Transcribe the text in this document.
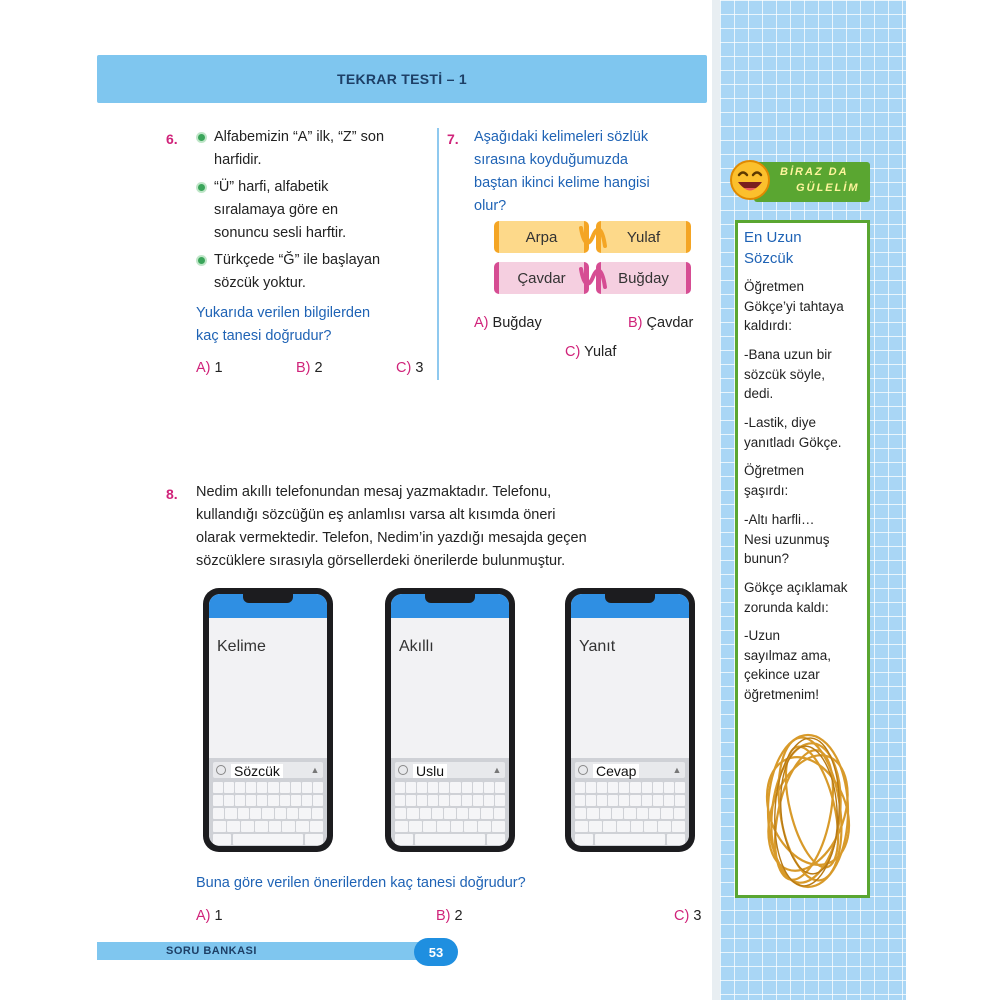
TEKRAR TESTİ – 1
6.	Alfabemizin “A” ilk, “Z” son
harfidir.
“Ü” harfi, alfabetik
sıralamaya göre en
sonuncu sesli harftir.
Türkçede “Ğ” ile başlayan
sözcük yoktur.
Yukarıda verilen bilgilerden
kaç tanesi doğrudur?
A) 1	B) 2	C) 3
7. Aşağıdaki kelimeleri sözlük
sırasına koyduğumuzda
baştan ikinci kelime hangisi
olur?
Arpa	Yulaf
Çavdar	Buğday
A) Buğday	B) Çavdar
C) Yulaf
8. Nedim akıllı telefonundan mesaj yazmaktadır. Telefonu,
kullandığı sözcüğün eş anlamlısı varsa alt kısımda öneri
olarak vermektedir. Telefon, Nedim’in yazdığı mesajda geçen
sözcüklere sırasıyla görsellerdeki önerilerde bulunmuştur.
Kelime
Sözcük	▲
Akıllı
Uslu	▲
Yanıt
Cevap	▲
Buna göre verilen önerilerden kaç tanesi doğrudur?
A) 1	B) 2	C) 3
SORU BANKASI	53
BİRAZ DA
GÜLELİM
En Uzun
Sözcük
Öğretmen
Gökçe’yi tahtaya
kaldırdı:
-Bana uzun bir
sözcük söyle,
dedi.
-Lastik, diye
yanıtladı Gökçe.
Öğretmen
şaşırdı:
-Altı harfli…
Nesi uzunmuş
bunun?
Gökçe açıklamak
zorunda kaldı:
-Uzun
sayılmaz ama,
çekince uzar
öğretmenim!
